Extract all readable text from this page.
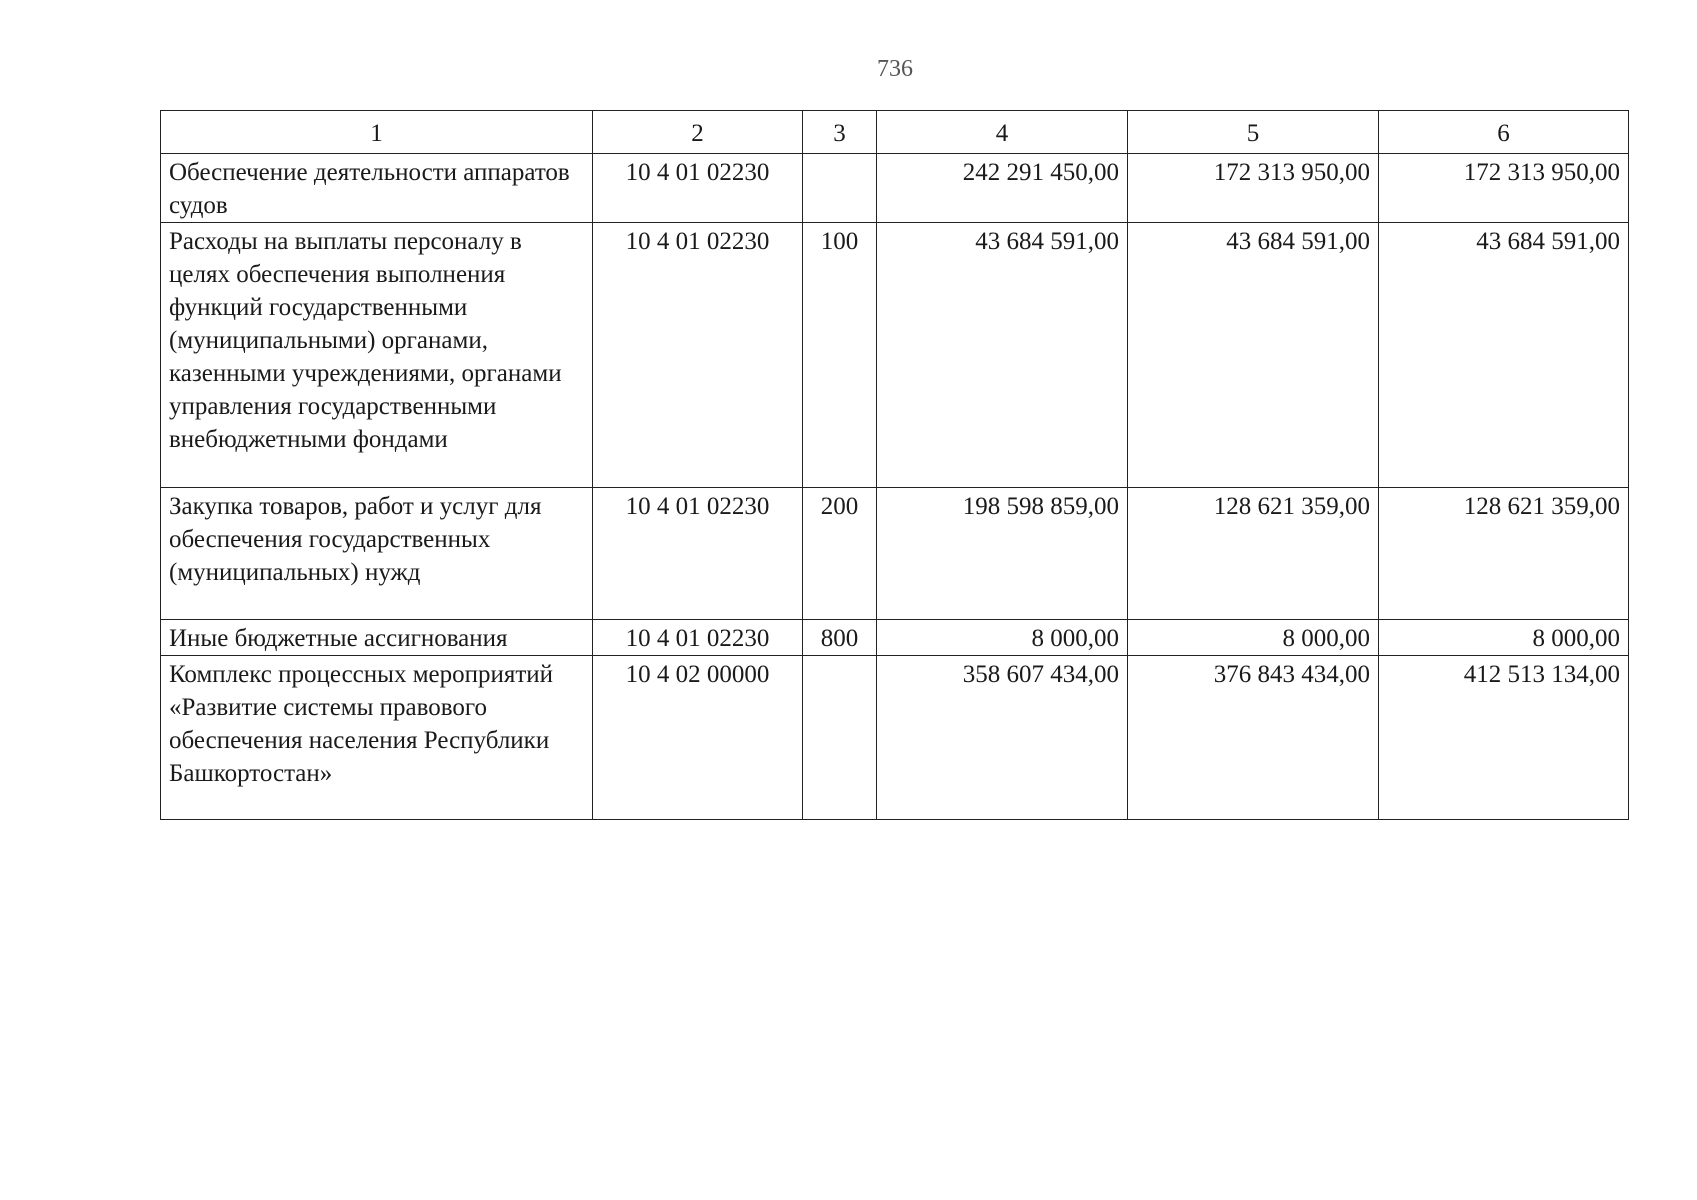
736
1	2	3	4	5	6
Обеспечение деятельности аппаратов судов	10 4 01 02230		242 291 450,00	172 313 950,00	172 313 950,00
Расходы на выплаты персоналу в целях обеспечения выполнения функций государственными (муниципальными) органами, казенными учреждениями, органами управления государственными внебюджетными фондами	10 4 01 02230	100	43 684 591,00	43 684 591,00	43 684 591,00
Закупка товаров, работ и услуг для обеспечения государственных (муниципальных) нужд	10 4 01 02230	200	198 598 859,00	128 621 359,00	128 621 359,00
Иные бюджетные ассигнования	10 4 01 02230	800	8 000,00	8 000,00	8 000,00
Комплекс процессных мероприятий «Развитие системы правового обеспечения населения Республики Башкортостан»	10 4 02 00000		358 607 434,00	376 843 434,00	412 513 134,00
